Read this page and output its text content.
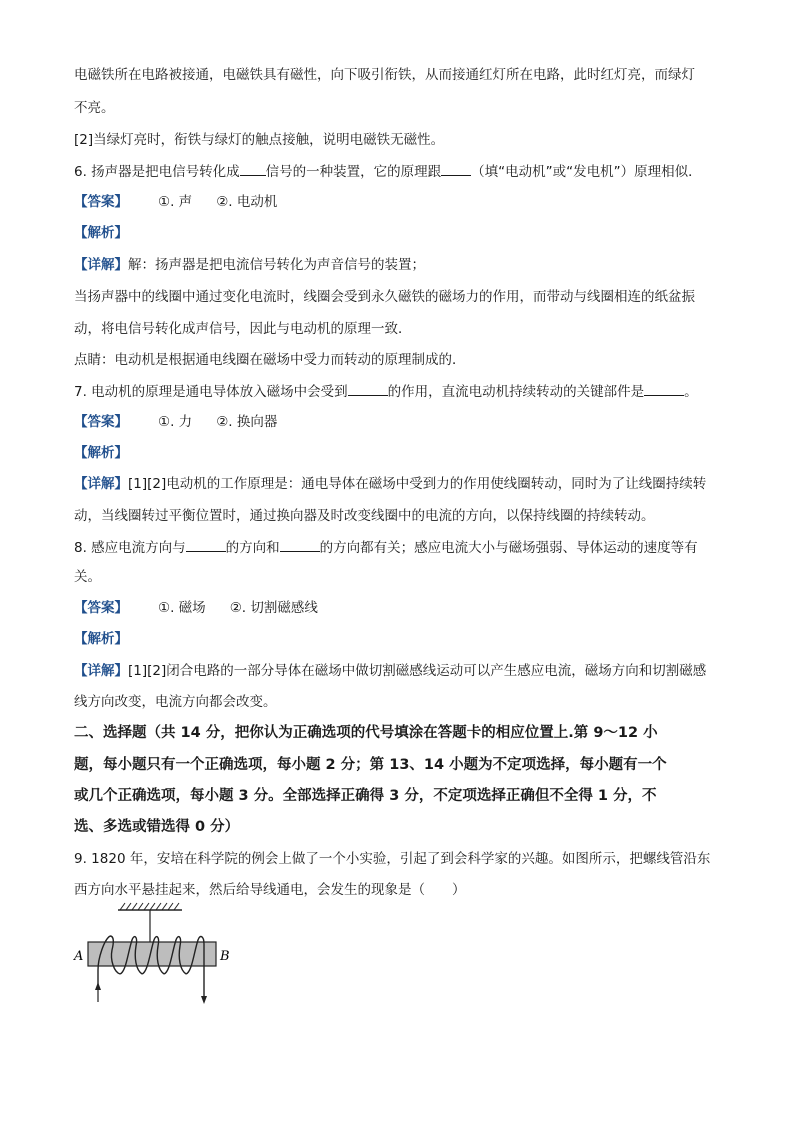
电磁铁所在电路被接通，电磁铁具有磁性，向下吸引衔铁，从而接通红灯所在电路，此时红灯亮，而绿灯
不亮。
[2]当绿灯亮时，衔铁与绿灯的触点接触，说明电磁铁无磁性。
6. 扬声器是把电信号转化成 信号的一种装置，它的原理跟 （填“电动机”或“发电机”）原理相似．
【答案】 ①. 声 ②. 电动机
【解析】
【详解】解：扬声器是把电流信号转化为声音信号的装置；
当扬声器中的线圈中通过变化电流时，线圈会受到永久磁铁的磁场力的作用，而带动与线圈相连的纸盆振
动，将电信号转化成声信号，因此与电动机的原理一致．
点睛：电动机是根据通电线圈在磁场中受力而转动的原理制成的．
7. 电动机的原理是通电导体放入磁场中会受到	的作用，直流电动机持续转动的关键部件是	。
【答案】 ①. 力 ②. 换向器
【解析】
【详解】[1][2]电动机的工作原理是：通电导体在磁场中受到力的作用使线圈转动，同时为了让线圈持续转
动，当线圈转过平衡位置时，通过换向器及时改变线圈中的电流的方向，以保持线圈的持续转动。
8. 感应电流方向与	的方向和	的方向都有关；感应电流大小与磁场强弱、导体运动的速度等有
关。
【答案】 ①. 磁场 ②. 切割磁感线
【解析】
【详解】[1][2]闭合电路的一部分导体在磁场中做切割磁感线运动可以产生感应电流，磁场方向和切割磁感
线方向改变，电流方向都会改变。
二、选择题（共 14 分，把你认为正确选项的代号填涂在答题卡的相应位置上.第 9～12 小
题，每小题只有一个正确选项，每小题 2 分；第 13、14 小题为不定项选择，每小题有一个
或几个正确选项，每小题 3 分。全部选择正确得 3 分，不定项选择正确但不全得 1 分，不
选、多选或错选得 0 分）
9. 1820 年，安培在科学院的例会上做了一个小实验，引起了到会科学家的兴趣。如图所示，把螺线管沿东
西方向水平悬挂起来，然后给导线通电，会发生的现象是（　　）
A	B
